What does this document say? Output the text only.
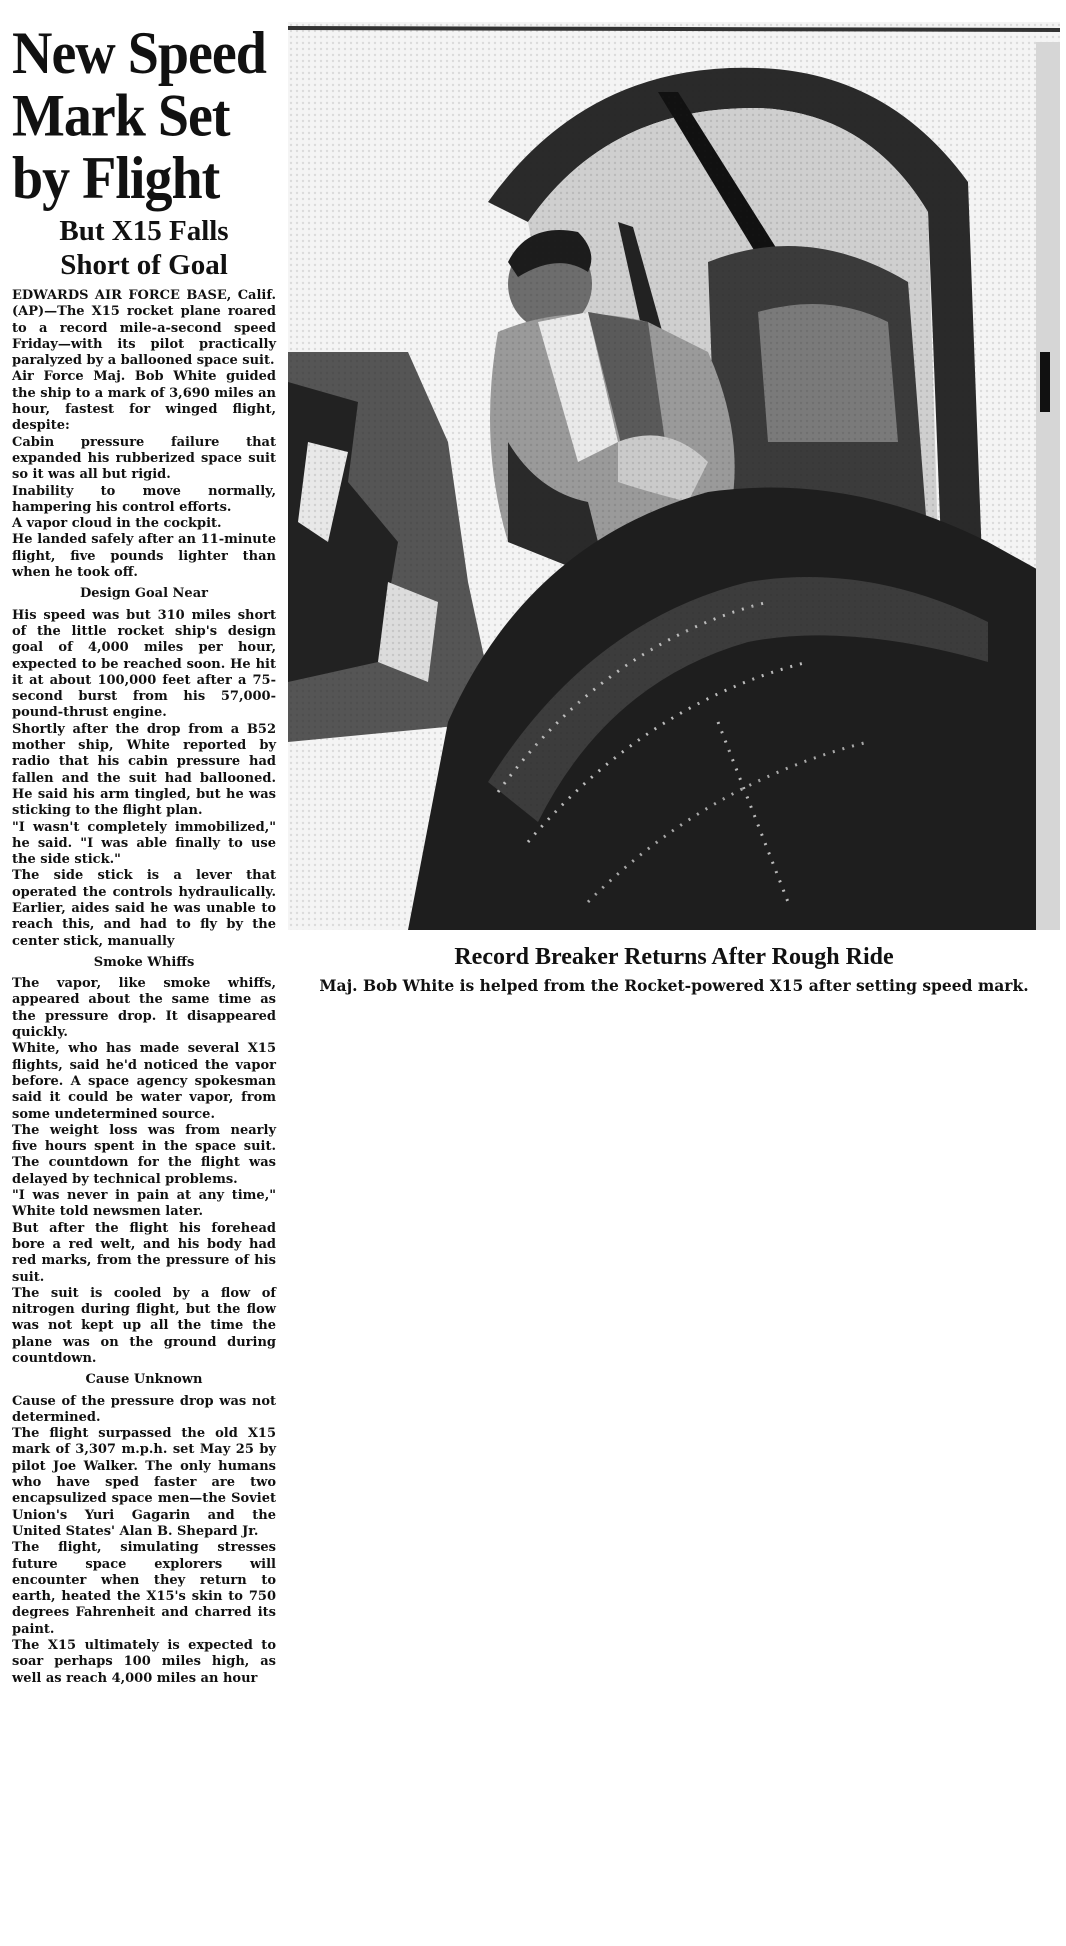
New Speed
Mark Set
by Flight
But X15 Falls
Short of Goal

EDWARDS AIR FORCE BASE, Calif. (AP)—The X15 rocket plane roared to a record mile-a-second speed Friday—with its pilot practically paralyzed by a ballooned space suit.

Air Force Maj. Bob White guided the ship to a mark of 3,690 miles an hour, fastest for winged flight, despite:

Cabin pressure failure that expanded his rubberized space suit so it was all but rigid.

Inability to move normally, hampering his control efforts.

A vapor cloud in the cockpit.

He landed safely after an 11-minute flight, five pounds lighter than when he took off.

Design Goal Near

His speed was but 310 miles short of the little rocket ship's design goal of 4,000 miles per hour, expected to be reached soon. He hit it at about 100,000 feet after a 75-second burst from his 57,000-pound-thrust engine.

Shortly after the drop from a B52 mother ship, White reported by radio that his cabin pressure had fallen and the suit had ballooned. He said his arm tingled, but he was sticking to the flight plan.

"I wasn't completely immobilized," he said. "I was able finally to use the side stick."

The side stick is a lever that operated the controls hydraulically. Earlier, aides said he was unable to reach this, and had to fly by the center stick, manually

Smoke Whiffs

The vapor, like smoke whiffs, appeared about the same time as the pressure drop. It disappeared quickly.

White, who has made several X15 flights, said he'd noticed the vapor before. A space agency spokesman said it could be water vapor, from some undetermined source.

The weight loss was from nearly five hours spent in the space suit. The countdown for the flight was delayed by technical problems.

"I was never in pain at any time," White told newsmen later.

But after the flight his forehead bore a red welt, and his body had red marks, from the pressure of his suit.

The suit is cooled by a flow of nitrogen during flight, but the flow was not kept up all the time the plane was on the ground during countdown.

Cause Unknown

Cause of the pressure drop was not determined.

The flight surpassed the old X15 mark of 3,307 m.p.h. set May 25 by pilot Joe Walker. The only humans who have sped faster are two encapsulized space men—the Soviet Union's Yuri Gagarin and the United States' Alan B. Shepard Jr.

The flight, simulating stresses future space explorers will encounter when they return to earth, heated the X15's skin to 750 degrees Fahrenheit and charred its paint.

The X15 ultimately is expected to soar perhaps 100 miles high, as well as reach 4,000 miles an hour

Record Breaker Returns After Rough Ride
Maj. Bob White is helped from the Rocket-powered X15 after setting speed mark.
